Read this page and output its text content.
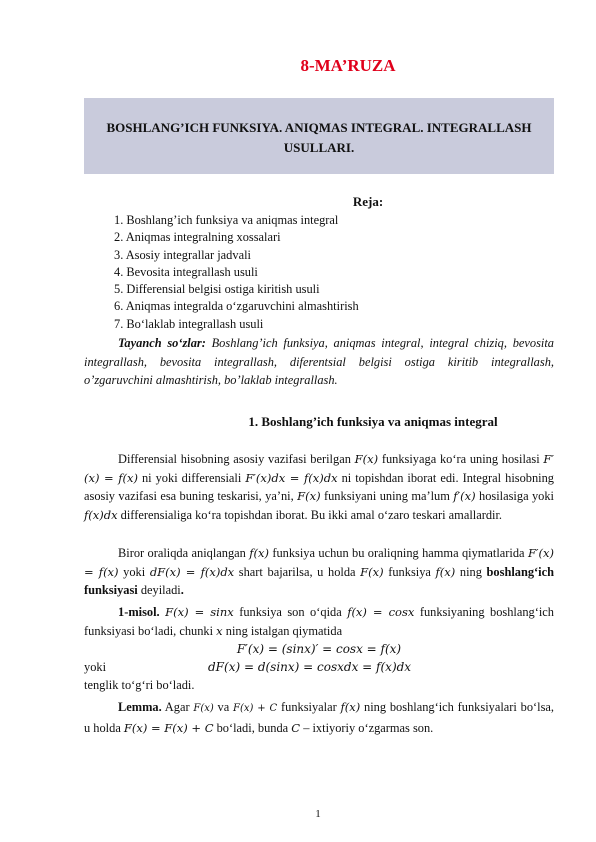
8-MA’RUZA
BOSHLANG’ICH FUNKSIYA. ANIQMAS INTEGRAL. INTEGRALLASH USULLARI.
Reja:
1. Boshlang’ich funksiya va aniqmas integral
2. Aniqmas integralning xossalari
3. Asosiy integrallar jadvali
4. Bevosita integrallash usuli
5. Differensial belgisi ostiga kiritish usuli
6. Aniqmas integralda o‘zgaruvchini almashtirish
7. Bo‘laklab integrallash usuli
Tayanch so‘zlar: Boshlang’ich funksiya, aniqmas integral, integral chiziq, bevosita integrallash, bevosita integrallash, diferentsial belgisi ostiga kiritib integrallash, o’zgaruvchini almashtirish, bo’laklab integrallash.
1. Boshlang’ich funksiya va aniqmas integral
Differensial hisobning asosiy vazifasi berilgan F(x) funksiyaga ko‘ra uning hosilasi F′(x) = f(x) ni yoki differensiali F′(x)dx = f(x)dx ni topishdan iborat edi. Integral hisobning asosiy vazifasi esa buning teskarisi, ya’ni, F(x) funksiyani uning ma’lum f′(x) hosilasiga yoki f(x)dx differensialiga ko‘ra topishdan iborat. Bu ikki amal o‘zaro teskari amallardir.
Biror oraliqda aniqlangan f(x) funksiya uchun bu oraliqning hamma qiymatlarida F′(x) = f(x) yoki dF(x) = f(x)dx shart bajarilsa, u holda F(x) funksiya f(x) ning boshlang‘ich funksiyasi deyiladi.
1-misol. F(x) = sinx funksiya son o‘qida f(x) = cosx funksiyaning boshlang‘ich funksiyasi bo‘ladi, chunki x ning istalgan qiymatida
F′(x) = (sinx)′ = cosx = f(x)
yoki	dF(x) = d(sinx) = cosxdx = f(x)dx
tenglik to‘g‘ri bo‘ladi.
Lemma. Agar F(x) va F(x) + C funksiyalar f(x) ning boshlang‘ich funksiyalari bo‘lsa, u holda F(x) = F(x) + C bo‘ladi, bunda C – ixtiyoriy o‘zgarmas son.
1
